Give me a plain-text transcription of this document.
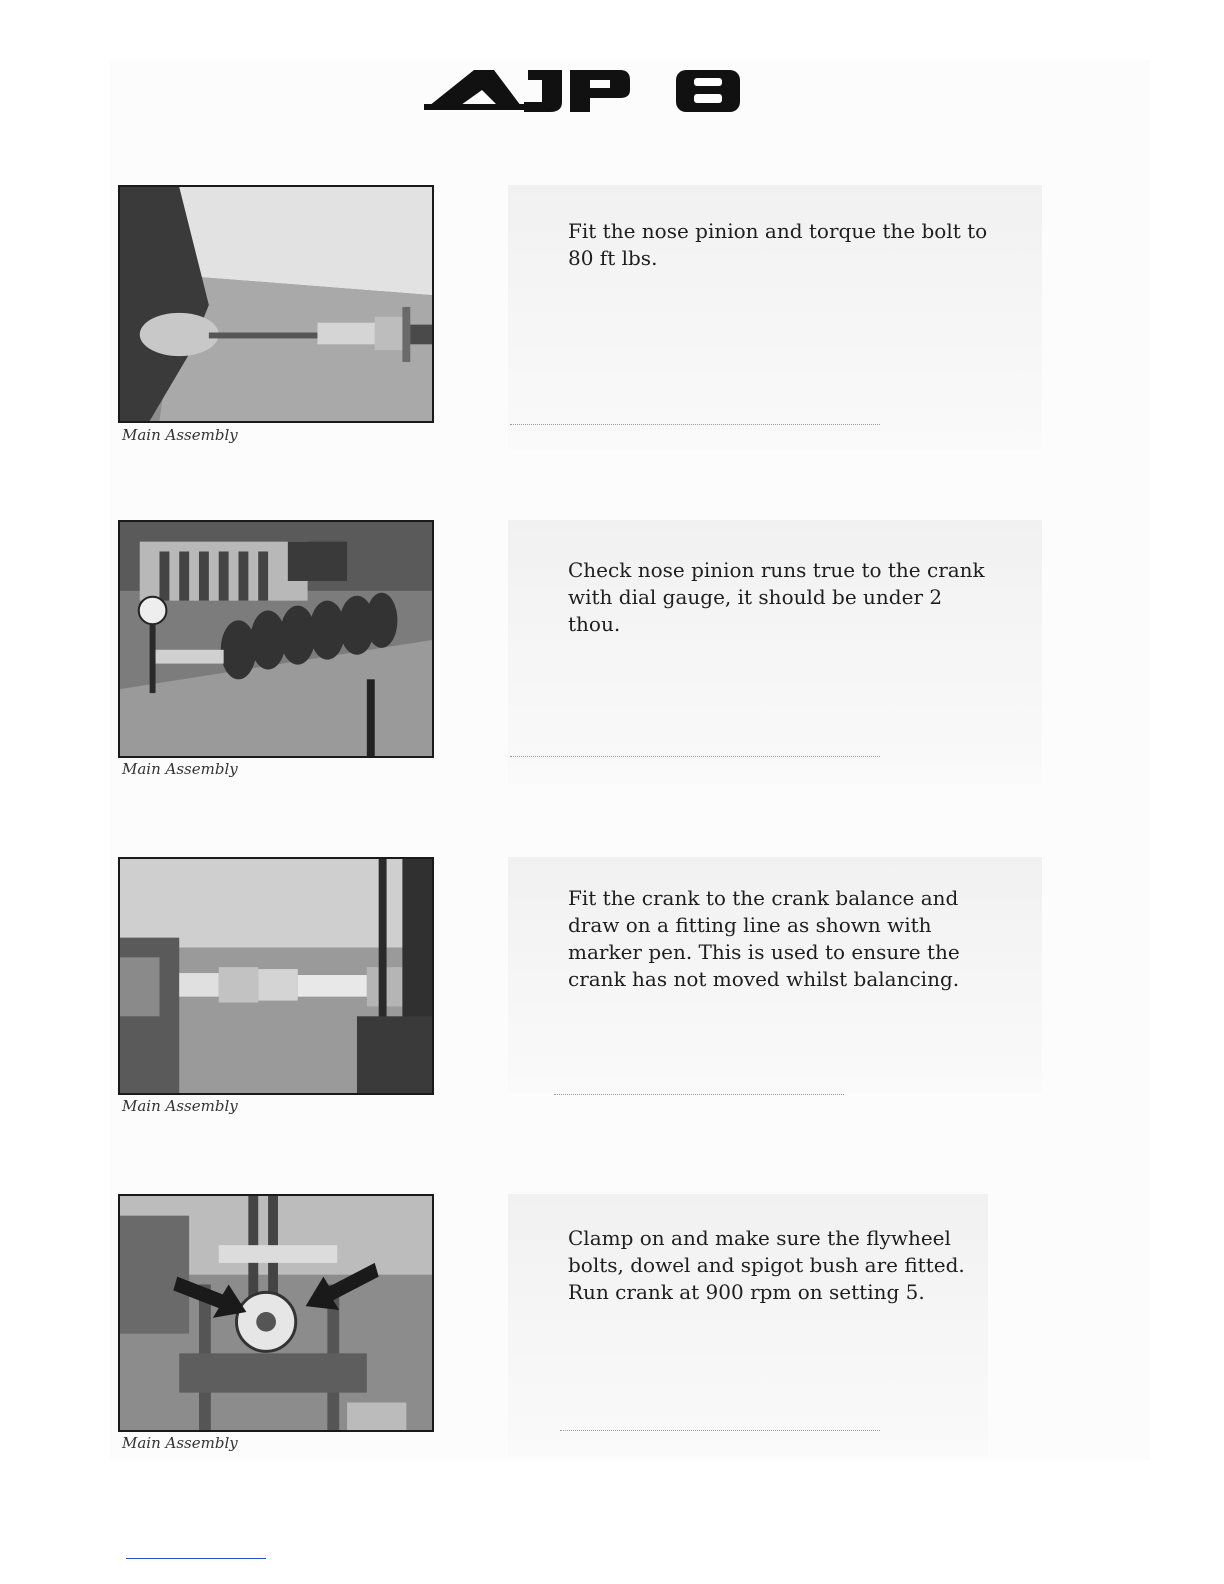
Main Assembly
Fit the nose pinion and torque the bolt to 80 ft lbs.
Main Assembly
Check nose pinion runs true to the crank with dial gauge, it should be under 2 thou.
Main Assembly
Fit the crank to the crank balance and draw on a fitting line as shown with marker pen. This is used to ensure the crank has not moved whilst balancing.
Main Assembly
Clamp on and make sure the flywheel bolts, dowel and spigot bush are fitted. Run crank at 900 rpm on setting 5.
